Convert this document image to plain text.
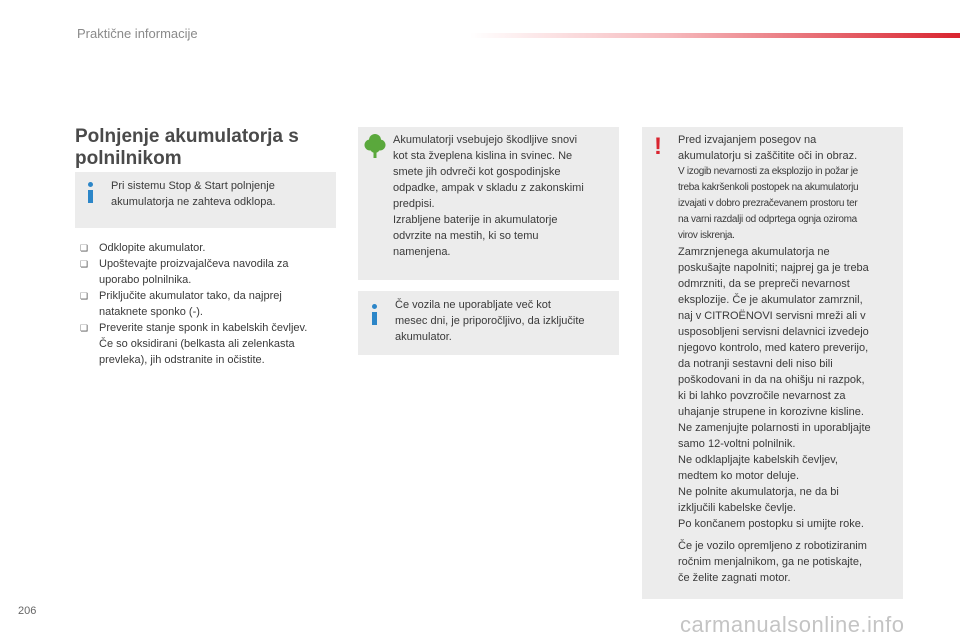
Praktične informacije
Polnjenje akumulatorja s
polnilnikom
Pri sistemu Stop & Start polnjenje
akumulatorja ne zahteva odklopa.
❏ Odklopite akumulator.
❏ Upoštevajte proizvajalčeva navodila za
uporabo polnilnika.
❏ Priključite akumulator tako, da najprej
nataknete sponko (-).
❏ Preverite stanje sponk in kabelskih čevljev.
Če so oksidirani (belkasta ali zelenkasta
prevleka), jih odstranite in očistite.
Akumulatorji vsebujejo škodljive snovi
kot sta žveplena kislina in svinec. Ne
smete jih odvreči kot gospodinjske
odpadke, ampak v skladu z zakonskimi
predpisi.
Izrabljene baterije in akumulatorje
odvrzite na mestih, ki so temu
namenjena.
Če vozila ne uporabljate več kot
mesec dni, je priporočljivo, da izključite
akumulator.
! Pred izvajanjem posegov na
akumulatorju si zaščitite oči in obraz.

V izogib nevarnosti za eksplozijo in požar je
treba kakršenkoli postopek na akumulatorju
izvajati v dobro prezračevanem prostoru ter
na varni razdalji od odprtega ognja oziroma
virov iskrenja.

Zamrznjenega akumulatorja ne
poskušajte napolniti; najprej ga je treba
odmrzniti, da se prepreči nevarnost
eksplozije. Če je akumulator zamrznil,
naj v CITROËNOVI servisni mreži ali v
usposobljeni servisni delavnici izvedejo
njegovo kontrolo, med katero preverijo,
da notranji sestavni deli niso bili
poškodovani in da na ohišju ni razpok,
ki bi lahko povzročile nevarnost za
uhajanje strupene in korozivne kisline.
Ne zamenjujte polarnosti in uporabljajte
samo 12-voltni polnilnik.
Ne odklapljajte kabelskih čevljev,
medtem ko motor deluje.
Ne polnite akumulatorja, ne da bi
izključili kabelske čevlje.
Po končanem postopku si umijte roke.

Če je vozilo opremljeno z robotiziranim
ročnim menjalnikom, ga ne potiskajte,
če želite zagnati motor.

206
carmanualsonline.info
